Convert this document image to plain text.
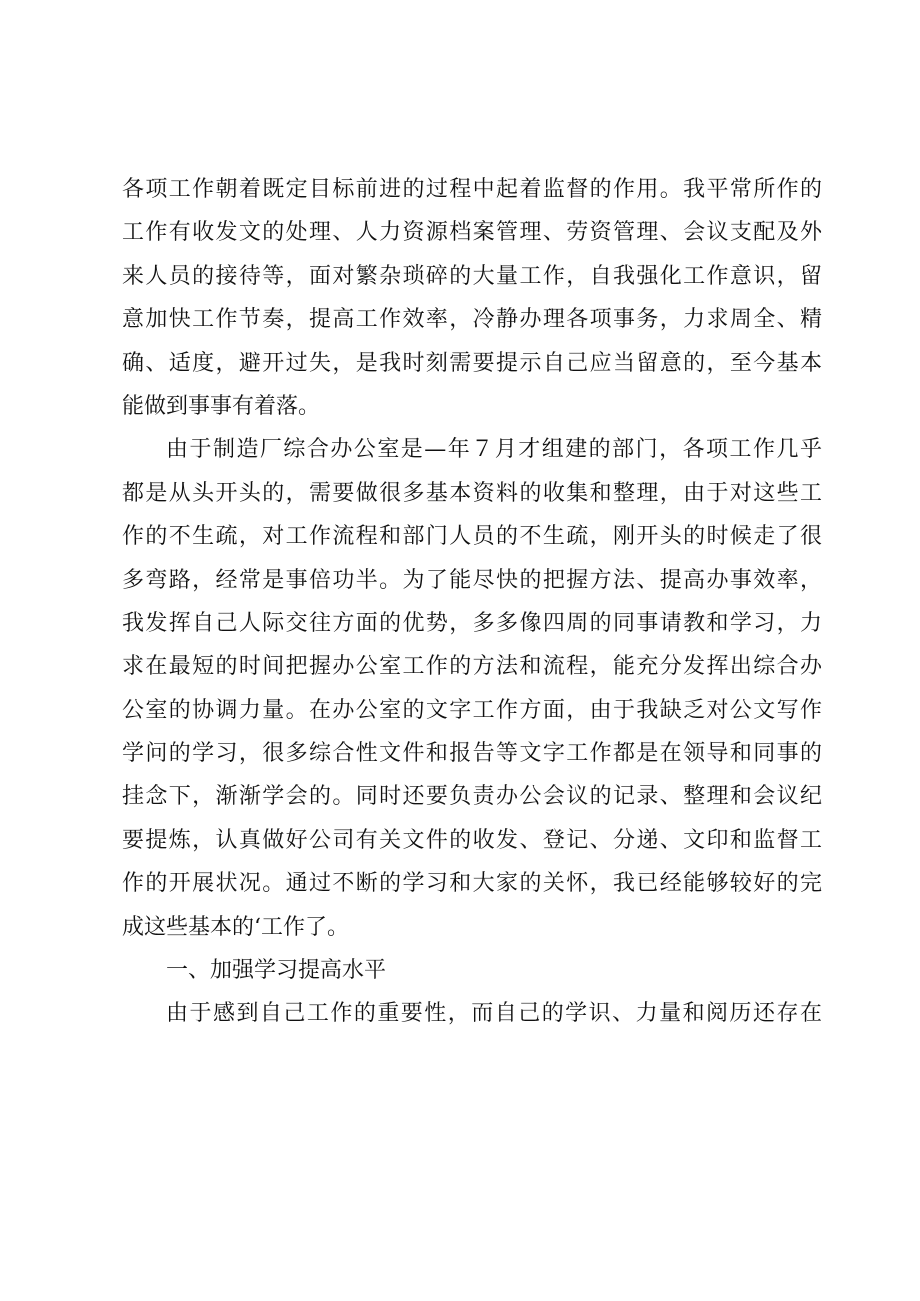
各项工作朝着既定目标前进的过程中起着监督的作用。我平常所作的
工作有收发文的处理、人力资源档案管理、劳资管理、会议支配及外
来人员的接待等，面对繁杂琐碎的大量工作，自我强化工作意识，留
意加快工作节奏，提高工作效率，冷静办理各项事务，力求周全、精
确、适度，避开过失，是我时刻需要提示自己应当留意的，至今基本
能做到事事有着落。
由于制造厂综合办公室是—年７月才组建的部门，各项工作几乎
都是从头开头的，需要做很多基本资料的收集和整理，由于对这些工
作的不生疏，对工作流程和部门人员的不生疏，刚开头的时候走了很
多弯路，经常是事倍功半。为了能尽快的把握方法、提高办事效率，
我发挥自己人际交往方面的优势，多多像四周的同事请教和学习，力
求在最短的时间把握办公室工作的方法和流程，能充分发挥出综合办
公室的协调力量。在办公室的文字工作方面，由于我缺乏对公文写作
学问的学习，很多综合性文件和报告等文字工作都是在领导和同事的
挂念下，渐渐学会的。同时还要负责办公会议的记录、整理和会议纪
要提炼，认真做好公司有关文件的收发、登记、分递、文印和监督工
作的开展状况。通过不断的学习和大家的关怀，我已经能够较好的完
成这些基本的‘工作了。
一、加强学习提高水平
由于感到自己工作的重要性，而自己的学识、力量和阅历还存在
